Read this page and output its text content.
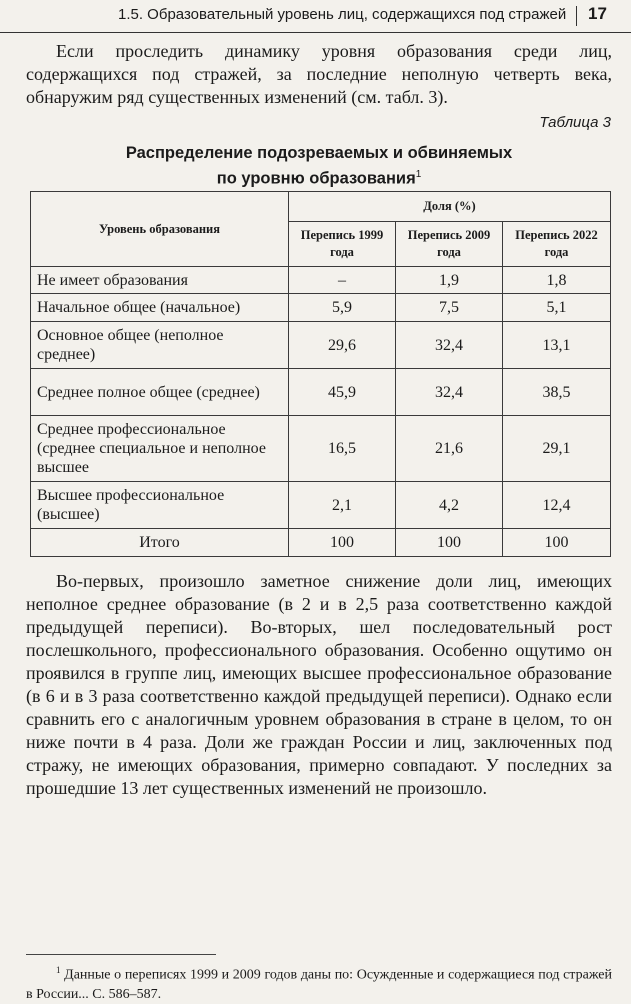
1.5. Образовательный уровень лиц, содержащихся под стражей 17

Если проследить динамику уровня образования среди лиц, содержащихся под стражей, за последние неполную четверть века, обнаружим ряд существенных изменений (см. табл. 3).

Таблица 3
Распределение подозреваемых и обвиняемых
по уровню образования$^1$
Уровень образования	Доля (%)		
	Перепись 1999 года	Перепись 2009 года	Перепись 2022 года
Не имеет образования	–	1,9	1,8
Начальное общее (начальное)	5,9	7,5	5,1
Основное общее (неполное среднее)	29,6	32,4	13,1
Среднее полное общее (среднее)	45,9	32,4	38,5
Среднее профессиональное (среднее специальное и неполное высшее	16,5	21,6	29,1
Высшее профессиональное (высшее)	2,1	4,2	12,4
Итого	100	100	100

Во-первых, произошло заметное снижение доли лиц, имеющих неполное среднее образование (в 2 и в 2,5 раза соответственно каждой предыдущей переписи). Во-вторых, шел последовательный рост послешкольного, профессионального образования. Особенно ощутимо он проявился в группе лиц, имеющих высшее профессиональное образование (в 6 и в 3 раза соответственно каждой предыдущей переписи). Однако если сравнить его с аналогичным уровнем образования в стране в целом, то он ниже почти в 4 раза. Доли же граждан России и лиц, заключенных под стражу, не имеющих образования, примерно совпадают. У последних за прошедшие 13 лет существенных изменений не произошло.

$^1$ Данные о переписях 1999 и 2009 годов даны по: Осужденные и содержащиеся под стражей в России... С. 586–587.
